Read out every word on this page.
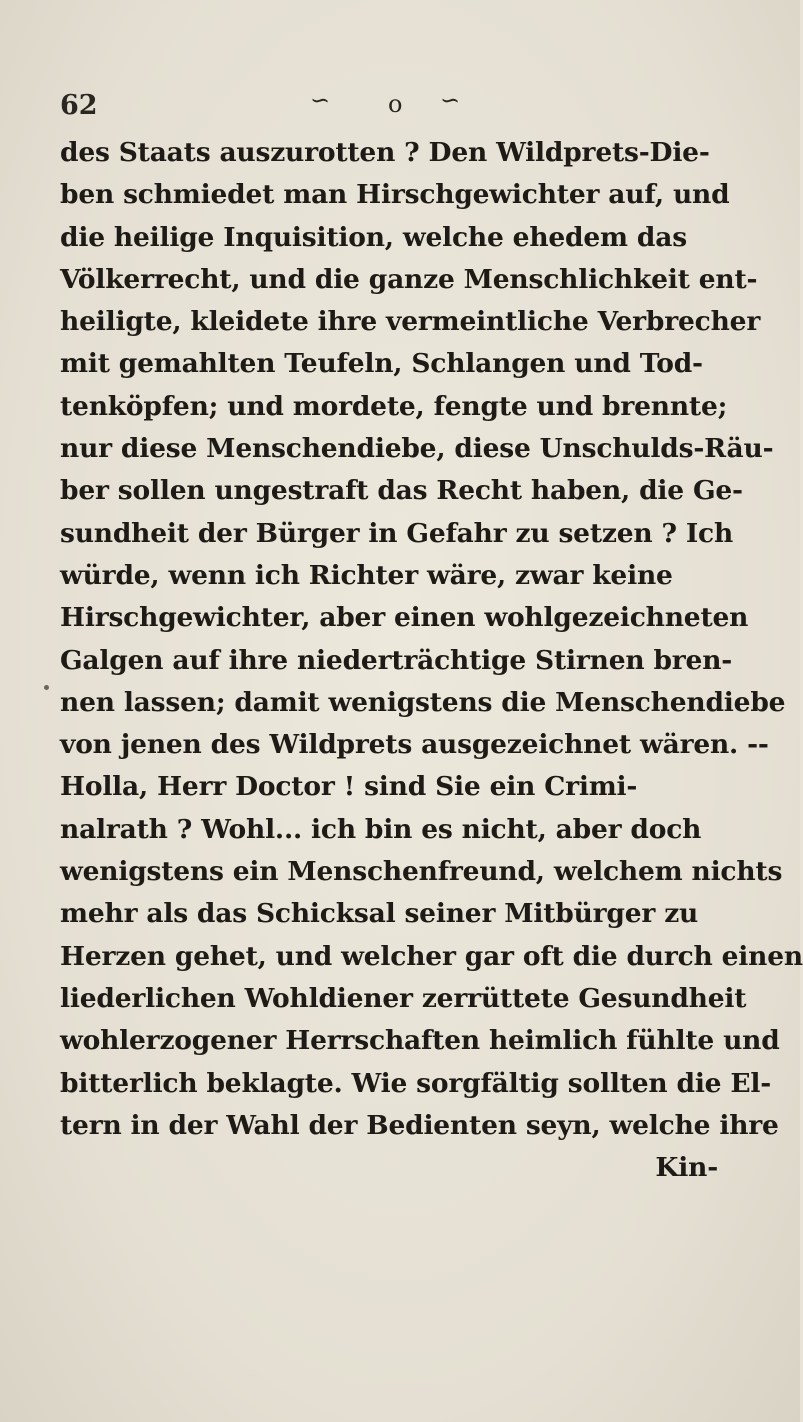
62	∽ o ∽
des Staats auszurotten ? Den Wildprets-Die-
ben schmiedet man Hirschgewichter auf, und
die heilige Inquisition, welche ehedem das
Völkerrecht, und die ganze Menschlichkeit ent-
heiligte, kleidete ihre vermeintliche Verbrecher
mit gemahlten Teufeln, Schlangen und Tod-
tenköpfen; und mordete, fengte und brennte;
nur diese Menschendiebe, diese Unschulds-Räu-
ber sollen ungestraft das Recht haben, die Ge-
sundheit der Bürger in Gefahr zu setzen ? Ich
würde, wenn ich Richter wäre, zwar keine
Hirschgewichter, aber einen wohlgezeichneten
Galgen auf ihre niederträchtige Stirnen bren-
nen lassen; damit wenigstens die Menschendiebe
von jenen des Wildprets ausgezeichnet wären. --
Holla, Herr Doctor ! sind Sie ein Crimi-
nalrath ? Wohl... ich bin es nicht, aber doch
wenigstens ein Menschenfreund, welchem nichts
mehr als das Schicksal seiner Mitbürger zu
Herzen gehet, und welcher gar oft die durch einen
liederlichen Wohldiener zerrüttete Gesundheit
wohlerzogener Herrschaften heimlich fühlte und
bitterlich beklagte. Wie sorgfältig sollten die El-
tern in der Wahl der Bedienten seyn, welche ihre
Kin-
